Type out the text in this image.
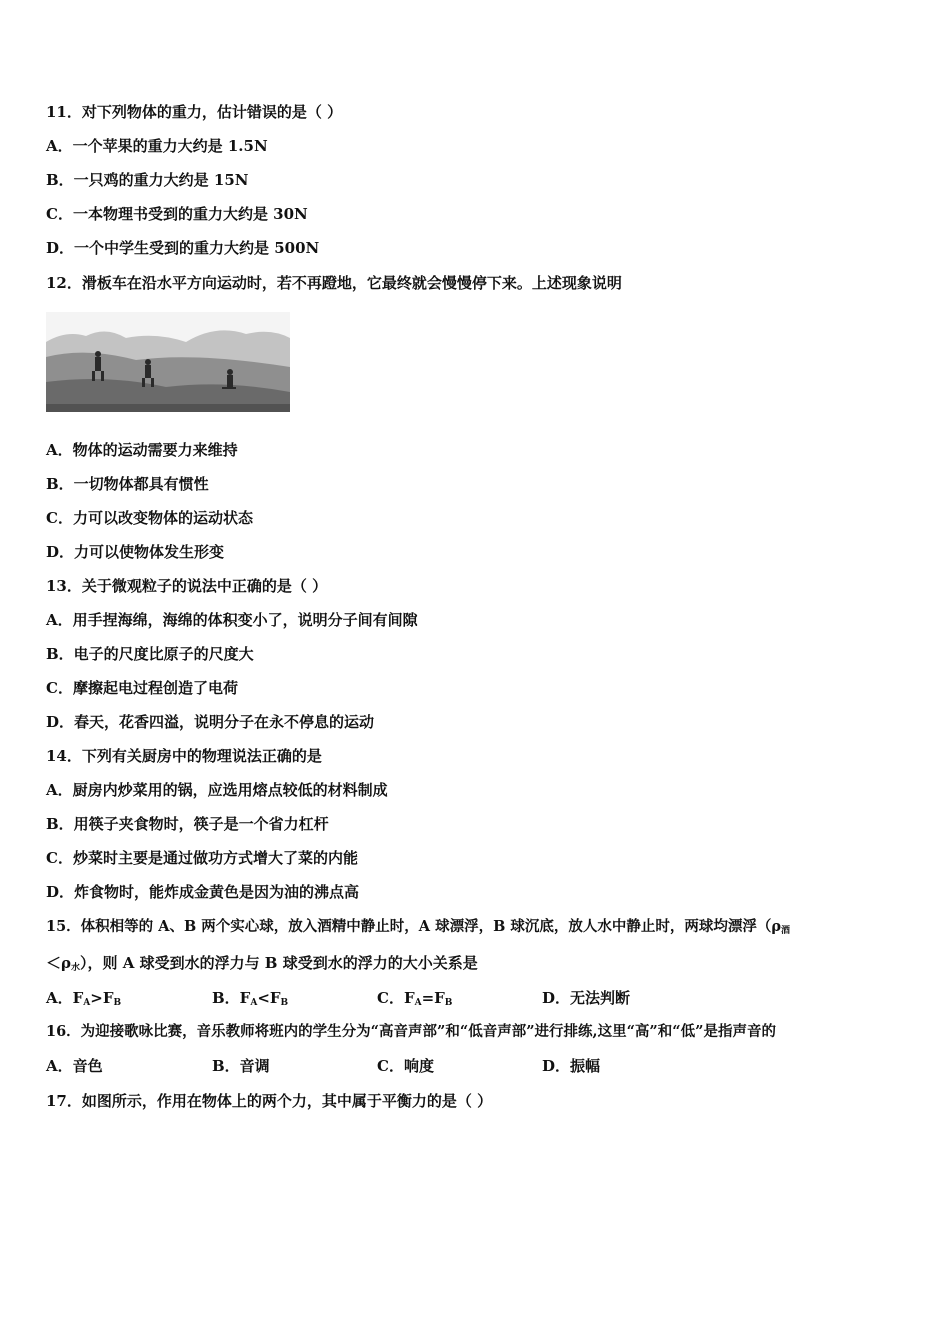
11．对下列物体的重力，估计错误的是（ ）
A．一个苹果的重力大约是 1.5N
B．一只鸡的重力大约是 15N
C．一本物理书受到的重力大约是 30N
D．一个中学生受到的重力大约是 500N
12．滑板车在沿水平方向运动时，若不再蹬地，它最终就会慢慢停下来。上述现象说明
A．物体的运动需要力来维持
B．一切物体都具有惯性
C．力可以改变物体的运动状态
D．力可以使物体发生形变
13．关于微观粒子的说法中正确的是（ ）
A．用手捏海绵，海绵的体积变小了，说明分子间有间隙
B．电子的尺度比原子的尺度大
C．摩擦起电过程创造了电荷
D．春天，花香四溢，说明分子在永不停息的运动
14．下列有关厨房中的物理说法正确的是
A．厨房内炒菜用的锅，应选用熔点较低的材料制成
B．用筷子夹食物时，筷子是一个省力杠杆
C．炒菜时主要是通过做功方式增大了菜的内能
D．炸食物时，能炸成金黄色是因为油的沸点高
15．体积相等的 A、B 两个实心球，放入酒精中静止时，A 球漂浮，B 球沉底，放人水中静止时，两球均漂浮（$\rho_酒$
$<\rho_水$），则 A 球受到水的浮力与 B 球受到水的浮力的大小关系是
A．$F_A>F_B$	B．$F_A<F_B$	C．$F_A=F_B$	D．无法判断
16．为迎接歌咏比赛，音乐教师将班内的学生分为“高音声部”和“低音声部”进行排练,这里“高”和“低”是指声音的
A．音色	B．音调	C．响度	D．振幅
17．如图所示，作用在物体上的两个力，其中属于平衡力的是（ ）
